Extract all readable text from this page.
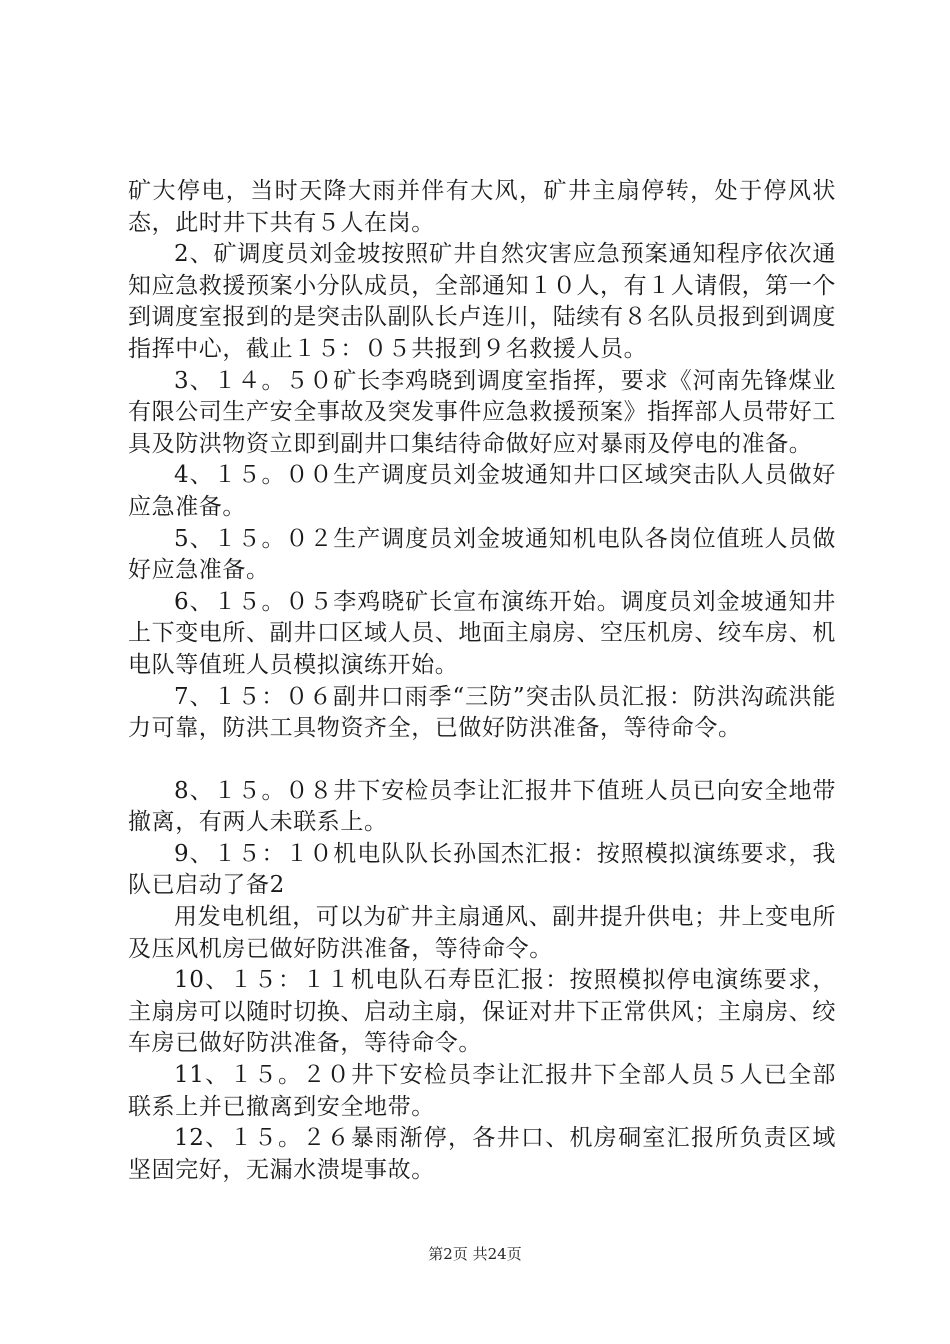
矿大停电，当时天降大雨并伴有大风，矿井主扇停转，处于停风状态，此时井下共有５人在岗。

2、矿调度员刘金坡按照矿井自然灾害应急预案通知程序依次通知应急救援预案小分队成员，全部通知１０人，有１人请假，第一个到调度室报到的是突击队副队长卢连川，陆续有８名队员报到到调度指挥中心，截止１５：０５共报到９名救援人员。

3、１４。５０矿长李鸡晓到调度室指挥，要求《河南先锋煤业有限公司生产安全事故及突发事件应急救援预案》指挥部人员带好工具及防洪物资立即到副井口集结待命做好应对暴雨及停电的准备。

4、１５。００生产调度员刘金坡通知井口区域突击队人员做好应急准备。

5、１５。０２生产调度员刘金坡通知机电队各岗位值班人员做好应急准备。

6、１５。０５李鸡晓矿长宣布演练开始。调度员刘金坡通知井上下变电所、副井口区域人员、地面主扇房、空压机房、绞车房、机电队等值班人员模拟演练开始。

7、１５：０６副井口雨季“三防”突击队员汇报：防洪沟疏洪能力可靠，防洪工具物资齐全，已做好防洪准备，等待命令。

8、１５。０８井下安检员李让汇报井下值班人员已向安全地带撤离，有两人未联系上。

9、１５：１０机电队队长孙国杰汇报：按照模拟演练要求，我队已启动了备2

用发电机组，可以为矿井主扇通风、副井提升供电；井上变电所及压风机房已做好防洪准备，等待命令。

10、１５：１１机电队石寿臣汇报：按照模拟停电演练要求，主扇房可以随时切换、启动主扇，保证对井下正常供风；主扇房、绞车房已做好防洪准备，等待命令。

11、１５。２０井下安检员李让汇报井下全部人员５人已全部联系上并已撤离到安全地带。

12、１５。２６暴雨渐停，各井口、机房硐室汇报所负责区域坚固完好，无漏水溃堤事故。

第2页 共24页
